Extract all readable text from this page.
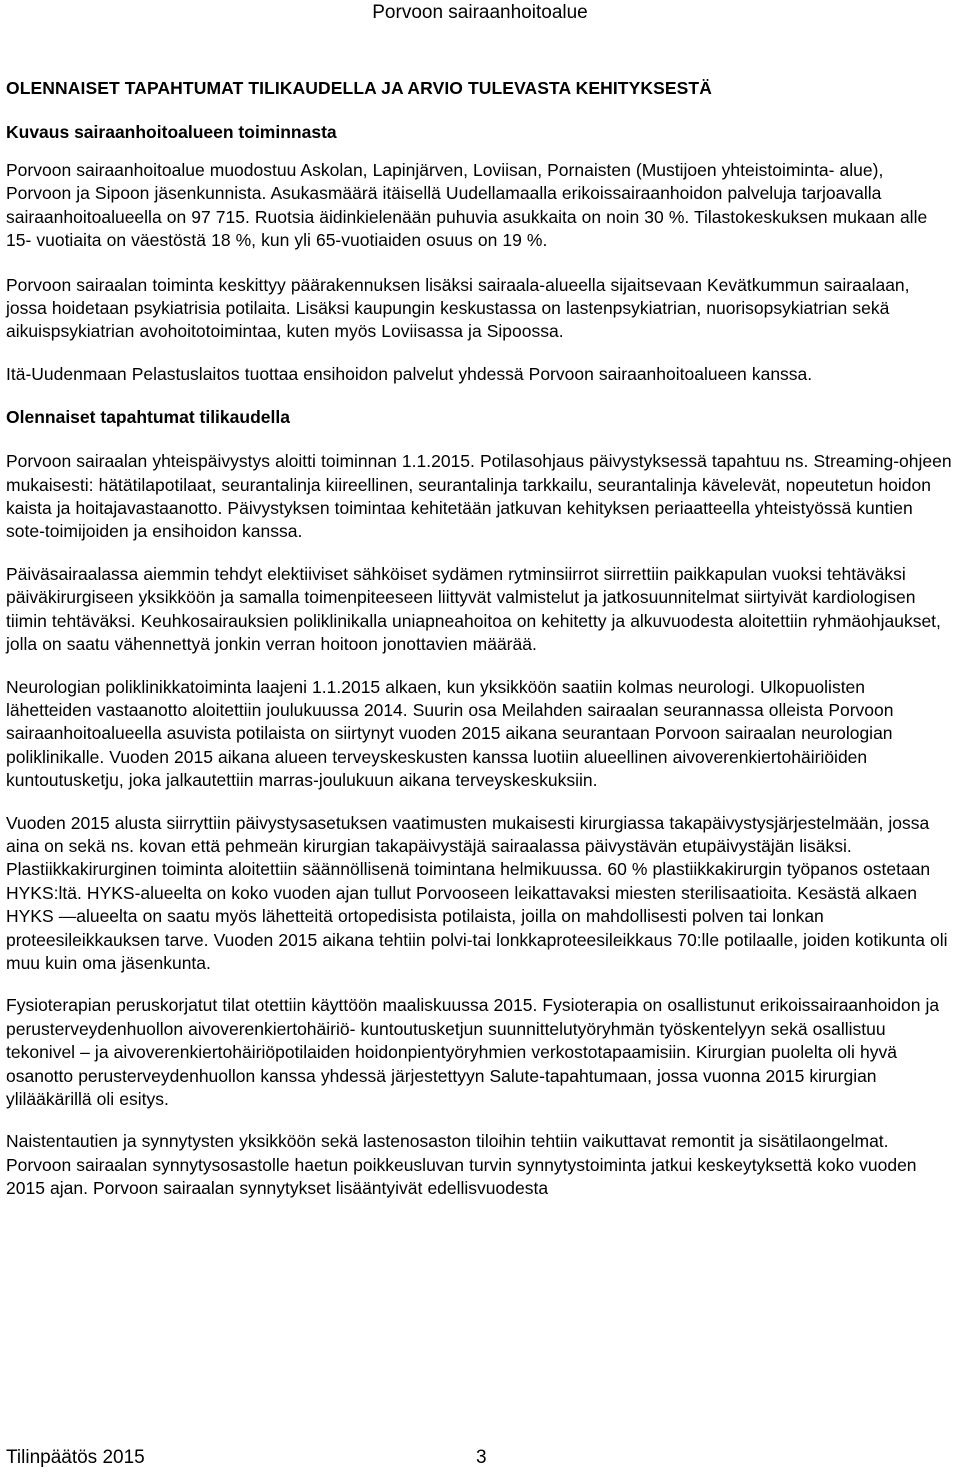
Porvoon sairaanhoitoalue
OLENNAISET TAPAHTUMAT TILIKAUDELLA JA ARVIO TULEVASTA KEHITYKSESTÄ
Kuvaus sairaanhoitoalueen toiminnasta

Porvoon sairaanhoitoalue muodostuu Askolan, Lapinjärven, Loviisan, Pornaisten (Mustijoen yhteistoiminta- alue), Porvoon ja Sipoon jäsenkunnista. Asukasmäärä itäisellä Uudellamaalla erikoissairaanhoidon palveluja tarjoavalla sairaanhoitoalueella on 97 715. Ruotsia äidinkielenään puhuvia asukkaita on noin 30 %. Tilastokeskuksen mukaan alle 15- vuotiaita on väestöstä 18 %, kun yli 65-vuotiaiden osuus on 19 %.

Porvoon sairaalan toiminta keskittyy päärakennuksen lisäksi sairaala-alueella sijaitsevaan Kevätkummun sairaalaan, jossa hoidetaan psykiatrisia potilaita. Lisäksi kaupungin keskustassa on lastenpsykiatrian, nuorisopsykiatrian sekä aikuispsykiatrian avohoitotoimintaa, kuten myös Loviisassa ja Sipoossa.

Itä-Uudenmaan Pelastuslaitos tuottaa ensihoidon palvelut yhdessä Porvoon sairaanhoitoalueen kanssa.

Olennaiset tapahtumat tilikaudella

Porvoon sairaalan yhteispäivystys aloitti toiminnan 1.1.2015. Potilasohjaus päivystyksessä tapahtuu ns. Streaming-ohjeen mukaisesti: hätätilapotilaat, seurantalinja kiireellinen, seurantalinja tarkkailu, seurantalinja kävelevät, nopeutetun hoidon kaista ja hoitajavastaanotto. Päivystyksen toimintaa kehitetään jatkuvan kehityksen periaatteella yhteistyössä kuntien sote-toimijoiden ja ensihoidon kanssa.

Päiväsairaalassa aiemmin tehdyt elektiiviset sähköiset sydämen rytminsiirrot siirrettiin paikkapulan vuoksi tehtäväksi päiväkirurgiseen yksikköön ja samalla toimenpiteeseen liittyvät valmistelut ja jatkosuunnitelmat siirtyivät kardiologisen tiimin tehtäväksi. Keuhkosairauksien poliklinikalla uniapneahoitoa on kehitetty ja alkuvuodesta aloitettiin ryhmäohjaukset, jolla on saatu vähennettyä jonkin verran hoitoon jonottavien määrää.

Neurologian poliklinikkatoiminta laajeni 1.1.2015 alkaen, kun yksikköön saatiin kolmas neurologi. Ulkopuolisten lähetteiden vastaanotto aloitettiin joulukuussa 2014. Suurin osa Meilahden sairaalan seurannassa olleista Porvoon sairaanhoitoalueella asuvista potilaista on siirtynyt vuoden 2015 aikana seurantaan Porvoon sairaalan neurologian poliklinikalle. Vuoden 2015 aikana alueen terveyskeskusten kanssa luotiin alueellinen aivoverenkiertohäiriöiden kuntoutusketju, joka jalkautettiin marras-joulukuun aikana terveyskeskuksiin.

Vuoden 2015 alusta siirryttiin päivystysasetuksen vaatimusten mukaisesti kirurgiassa takapäivystysjärjestelmään, jossa aina on sekä ns. kovan että pehmeän kirurgian takapäivystäjä sairaalassa päivystävän etupäivystäjän lisäksi. Plastiikkakirurginen toiminta aloitettiin säännöllisenä toimintana helmikuussa. 60 % plastiikkakirurgin työpanos ostetaan HYKS:ltä. HYKS-alueelta on koko vuoden ajan tullut Porvooseen leikattavaksi miesten sterilisaatioita. Kesästä alkaen HYKS —alueelta on saatu myös lähetteitä ortopedisista potilaista, joilla on mahdollisesti polven tai lonkan proteesileikkauksen tarve. Vuoden 2015 aikana tehtiin polvi-tai lonkkaproteesileikkaus 70:lle potilaalle, joiden kotikunta oli muu kuin oma jäsenkunta.

Fysioterapian peruskorjatut tilat otettiin käyttöön maaliskuussa 2015. Fysioterapia on osallistunut erikoissairaanhoidon ja perusterveydenhuollon aivoverenkiertohäiriö- kuntoutusketjun suunnittelutyöryhmän työskentelyyn sekä osallistuu tekonivel – ja aivoverenkiertohäiriöpotilaiden hoidonpientyöryhmien verkostotapaamisiin. Kirurgian puolelta oli hyvä osanotto perusterveydenhuollon kanssa yhdessä järjestettyyn Salute-tapahtumaan, jossa vuonna 2015 kirurgian ylilääkärillä oli esitys.

Naistentautien ja synnytysten yksikköön sekä lastenosaston tiloihin tehtiin vaikuttavat remontit ja sisätilaongelmat. Porvoon sairaalan synnytysosastolle haetun poikkeusluvan turvin synnytystoiminta jatkui keskeytyksettä koko vuoden 2015 ajan. Porvoon sairaalan synnytykset lisääntyivät edellisvuodesta

Tilinpäätös 2015	3
